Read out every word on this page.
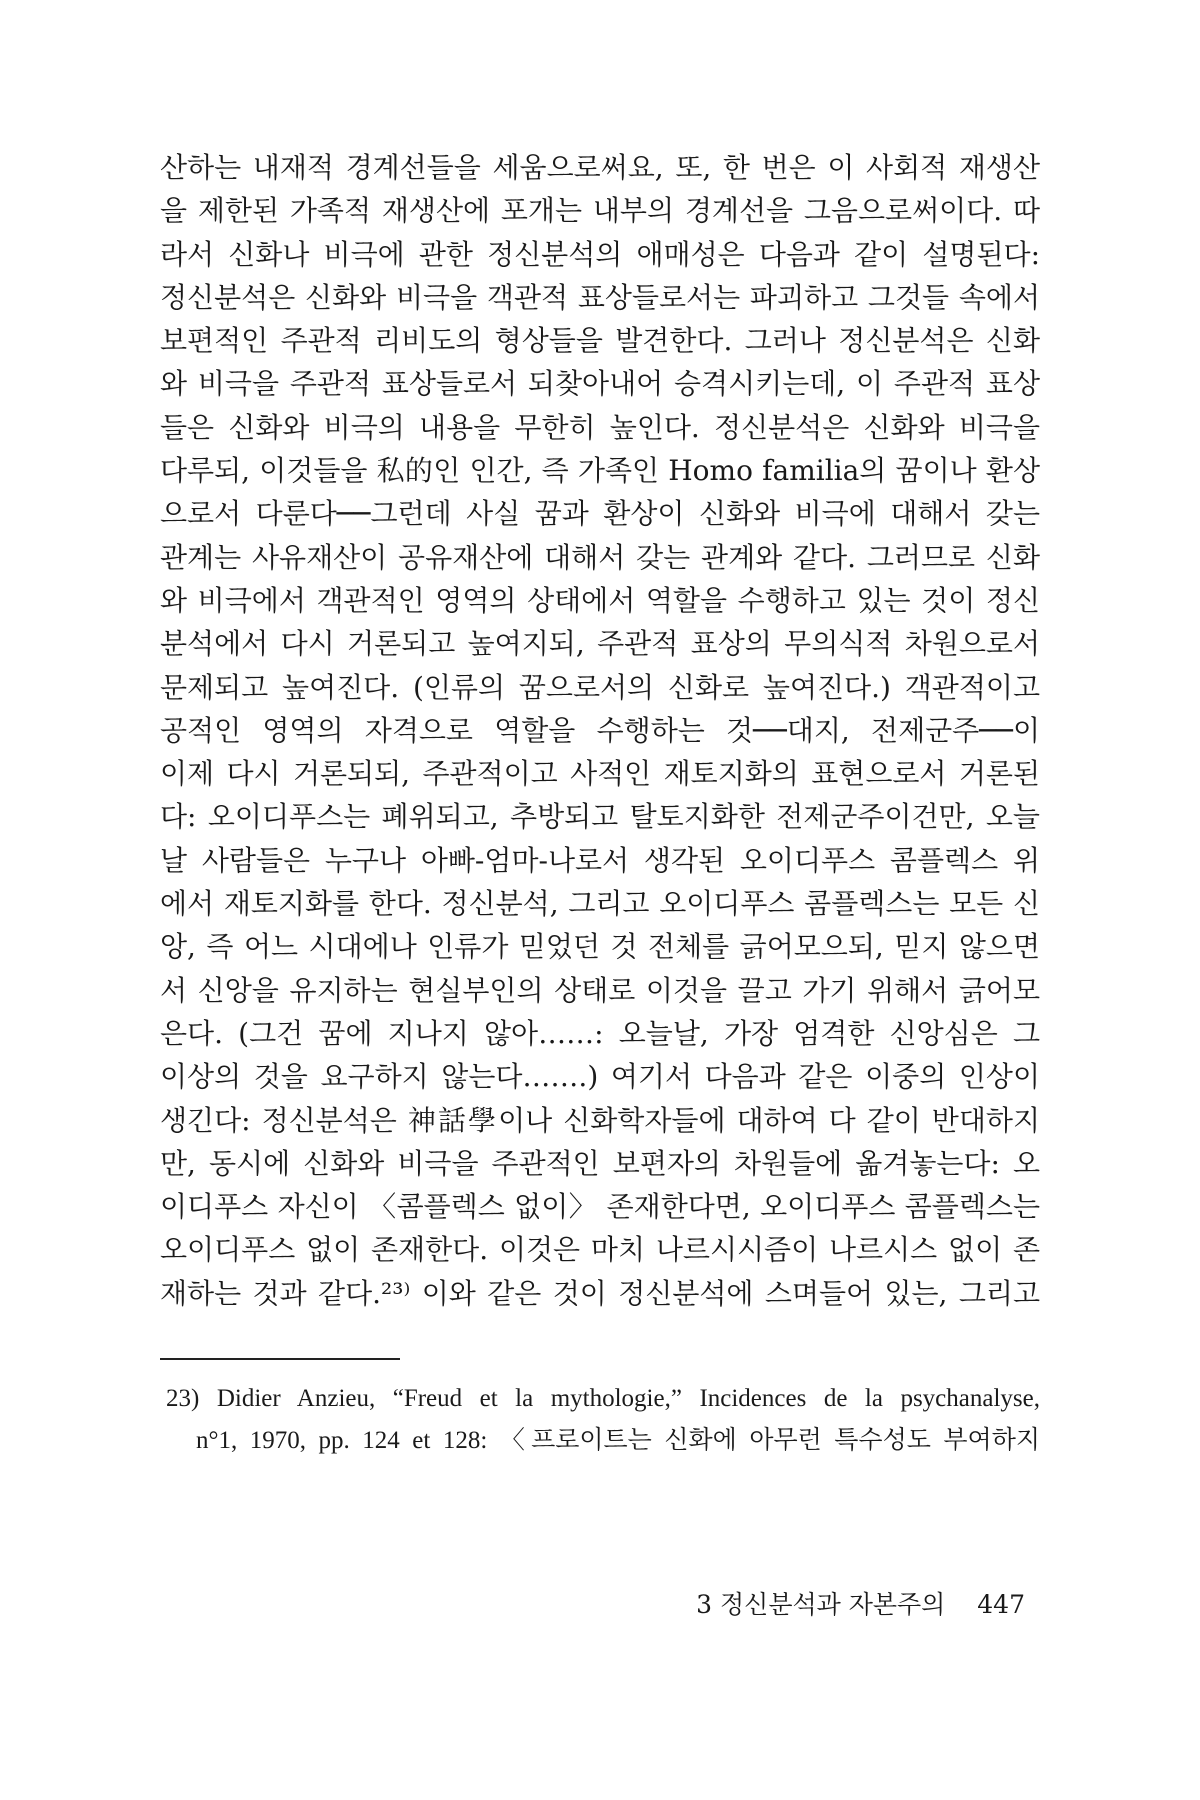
산하는 내재적 경계선들을 세움으로써요, 또, 한 번은 이 사회적 재생산
을 제한된 가족적 재생산에 포개는 내부의 경계선을 그음으로써이다. 따
라서 신화나 비극에 관한 정신분석의 애매성은 다음과 같이 설명된다:
정신분석은 신화와 비극을 객관적 표상들로서는 파괴하고 그것들 속에서
보편적인 주관적 리비도의 형상들을 발견한다. 그러나 정신분석은 신화
와 비극을 주관적 표상들로서 되찾아내어 승격시키는데, 이 주관적 표상
들은 신화와 비극의 내용을 무한히 높인다. 정신분석은 신화와 비극을
다루되, 이것들을 私的인 인간, 즉 가족인 Homo familia의 꿈이나 환상
으로서 다룬다──그런데 사실 꿈과 환상이 신화와 비극에 대해서 갖는
관계는 사유재산이 공유재산에 대해서 갖는 관계와 같다. 그러므로 신화
와 비극에서 객관적인 영역의 상태에서 역할을 수행하고 있는 것이 정신
분석에서 다시 거론되고 높여지되, 주관적 표상의 무의식적 차원으로서
문제되고 높여진다. (인류의 꿈으로서의 신화로 높여진다.) 객관적이고
공적인 영역의 자격으로 역할을 수행하는 것──대지, 전제군주──이
이제 다시 거론되되, 주관적이고 사적인 재토지화의 표현으로서 거론된
다: 오이디푸스는 폐위되고, 추방되고 탈토지화한 전제군주이건만, 오늘
날 사람들은 누구나 아빠-엄마-나로서 생각된 오이디푸스 콤플렉스 위
에서 재토지화를 한다. 정신분석, 그리고 오이디푸스 콤플렉스는 모든 신
앙, 즉 어느 시대에나 인류가 믿었던 것 전체를 긁어모으되, 믿지 않으면
서 신앙을 유지하는 현실부인의 상태로 이것을 끌고 가기 위해서 긁어모
은다. (그건 꿈에 지나지 않아……: 오늘날, 가장 엄격한 신앙심은 그
이상의 것을 요구하지 않는다…….) 여기서 다음과 같은 이중의 인상이
생긴다: 정신분석은 神話學이나 신화학자들에 대하여 다 같이 반대하지
만, 동시에 신화와 비극을 주관적인 보편자의 차원들에 옮겨놓는다: 오
이디푸스 자신이 〈콤플렉스 없이〉 존재한다면, 오이디푸스 콤플렉스는
오이디푸스 없이 존재한다. 이것은 마치 나르시시즘이 나르시스 없이 존
재하는 것과 같다.²³⁾ 이와 같은 것이 정신분석에 스며들어 있는, 그리고
23) Didier Anzieu, “Freud et la mythologie,” Incidences de la psychanalyse,
n°1, 1970, pp. 124 et 128: 〈프로이트는 신화에 아무런 특수성도 부여하지
3 정신분석과 자본주의 447
